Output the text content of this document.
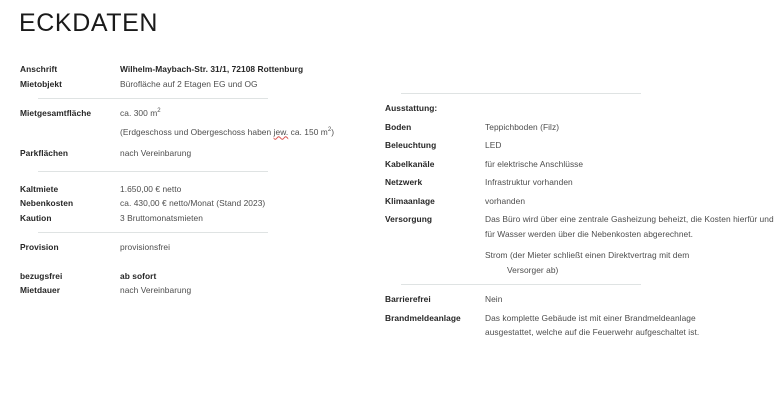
ECKDATEN
Anschrift	Wilhelm-Maybach-Str. 31/1, 72108 Rottenburg
Mietobjekt	Bürofläche auf 2 Etagen EG und OG
Mietgesamtfläche	ca. 300 $m^2$
(Erdgeschoss und Obergeschoss haben jew. ca. 150 $m^2$)
Parkflächen	nach Vereinbarung
Kaltmiete	1.650,00 € netto
Nebenkosten	ca. 430,00 € netto/Monat (Stand 2023)
Kaution	3 Bruttomonatsmieten
Provision	provisionsfrei
bezugsfrei	ab sofort
Mietdauer	nach Vereinbarung
Ausstattung:
Boden	Teppichboden (Filz)
Beleuchtung	LED
Kabelkanäle	für elektrische Anschlüsse
Netzwerk	Infrastruktur vorhanden
Klimaanlage	vorhanden
Versorgung	Das Büro wird über eine zentrale Gasheizung beheizt, die Kosten hierfür und für Wasser werden über die Nebenkosten abgerechnet.
Strom (der Mieter schließt einen Direktvertrag mit dem
Versorger ab)
Barrierefrei	Nein
Brandmeldeanlage	Das komplette Gebäude ist mit einer Brandmeldeanlage ausgestattet, welche auf die Feuerwehr aufgeschaltet ist.
